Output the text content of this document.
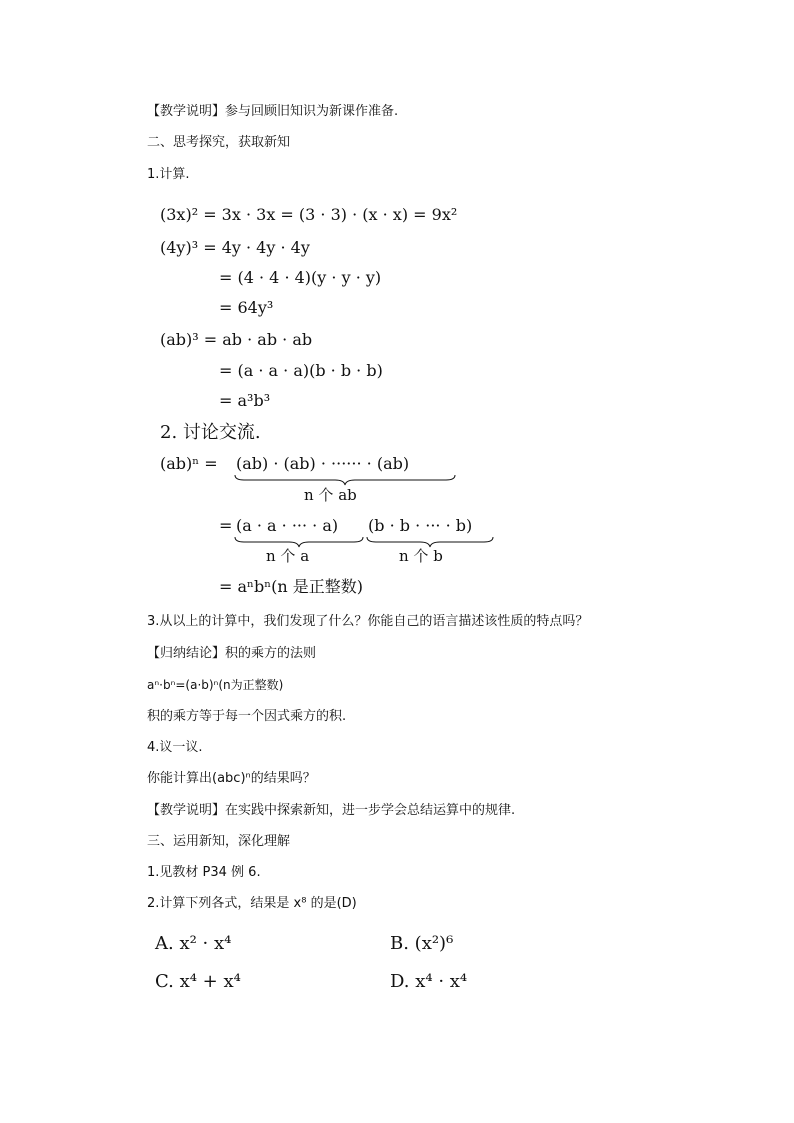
【教学说明】参与回顾旧知识为新课作准备.
二、思考探究，获取新知
1.计算.
(3x)² = 3x · 3x = (3 · 3) · (x · x) = 9x²
(4y)³ = 4y · 4y · 4y
= (4 · 4 · 4)(y · y · y)
= 64y³
(ab)³ = ab · ab · ab
= (a · a · a)(b · b · b)
= a³b³
2. 讨论交流.
(ab)ⁿ = (ab) · (ab) · ······ · (ab)
n 个 ab
= (a · a · ··· · a) (b · b · ··· · b)
n 个 a	n 个 b
= aⁿbⁿ(n 是正整数)
3.从以上的计算中，我们发现了什么？你能自己的语言描述该性质的特点吗？
【归纳结论】积的乘方的法则
aⁿ·bⁿ=(a·b)ⁿ(n为正整数)
积的乘方等于每一个因式乘方的积.
4.议一议.
你能计算出(abc)ⁿ的结果吗？
【教学说明】在实践中探索新知，进一步学会总结运算中的规律.
三、运用新知，深化理解
1.见教材 P34 例 6.
2.计算下列各式，结果是 x⁸ 的是(D)
A. x² · x⁴	B. (x²)⁶
C. x⁴ + x⁴	D. x⁴ · x⁴
